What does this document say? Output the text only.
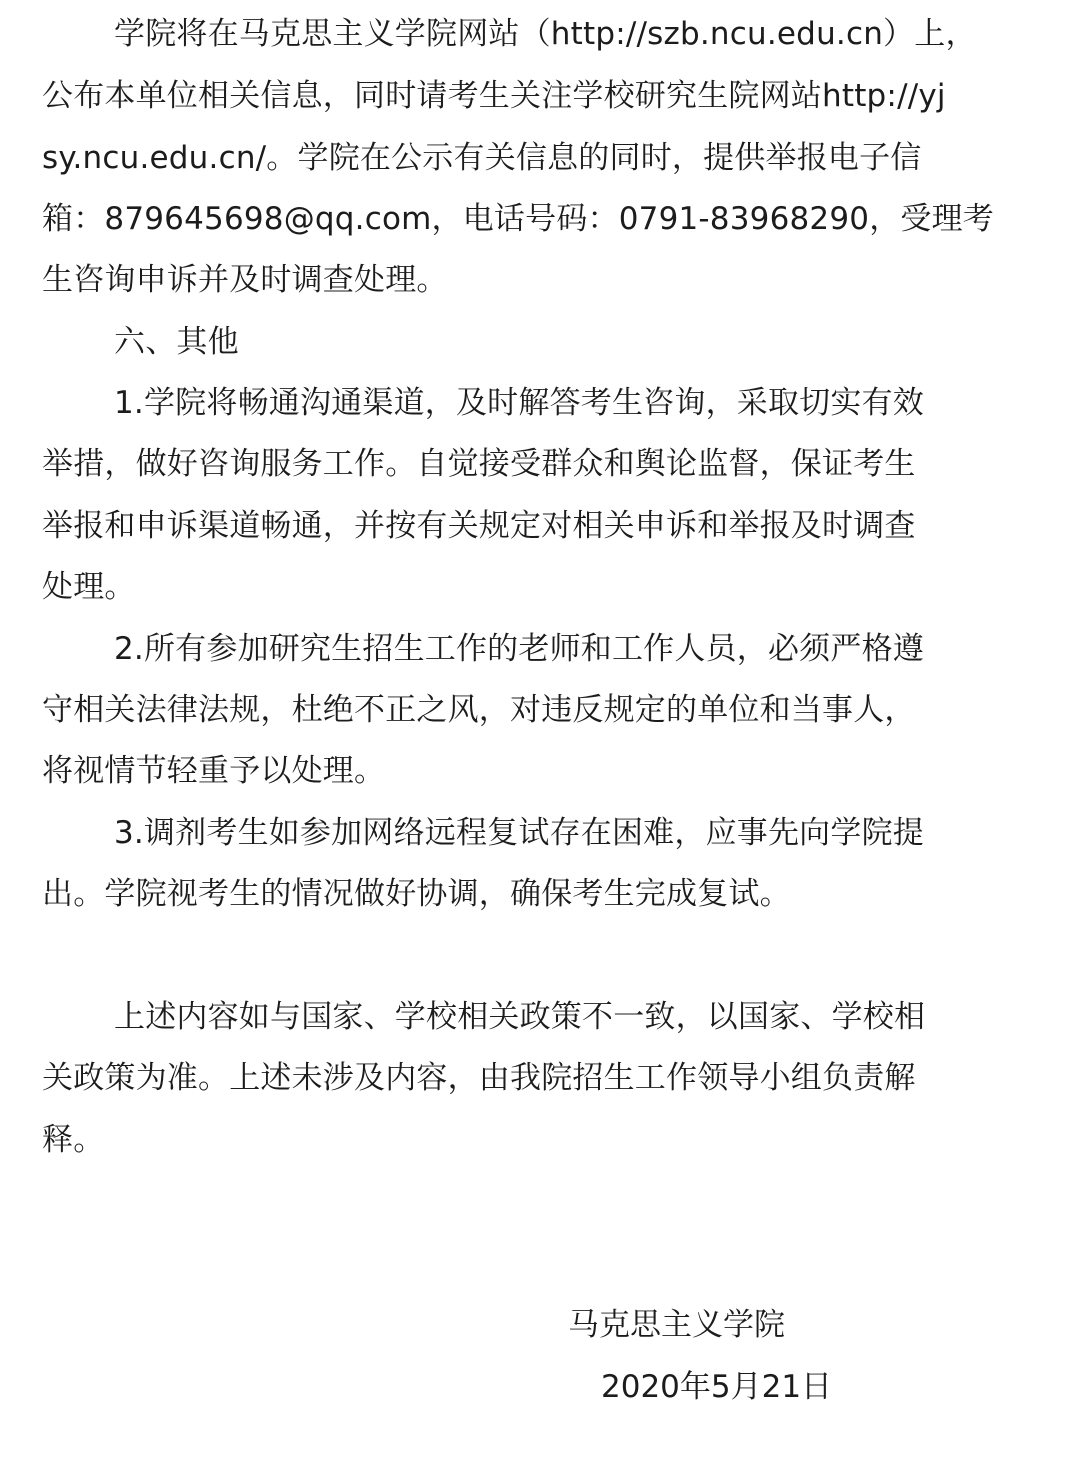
学院将在马克思主义学院网站（http://szb.ncu.edu.cn）上，

公布本单位相关信息，同时请考生关注学校研究生院网站http://yj

sy.ncu.edu.cn/。学院在公示有关信息的同时，提供举报电子信

箱：879645698@qq.com，电话号码：0791-83968290，受理考

生咨询申诉并及时调查处理。

六、其他

1.学院将畅通沟通渠道，及时解答考生咨询，采取切实有效

举措，做好咨询服务工作。自觉接受群众和舆论监督，保证考生

举报和申诉渠道畅通，并按有关规定对相关申诉和举报及时调查

处理。

2.所有参加研究生招生工作的老师和工作人员，必须严格遵

守相关法律法规，杜绝不正之风，对违反规定的单位和当事人，

将视情节轻重予以处理。

3.调剂考生如参加网络远程复试存在困难，应事先向学院提

出。学院视考生的情况做好协调，确保考生完成复试。

上述内容如与国家、学校相关政策不一致，以国家、学校相

关政策为准。上述未涉及内容，由我院招生工作领导小组负责解

释。

马克思主义学院

2020年5月21日
